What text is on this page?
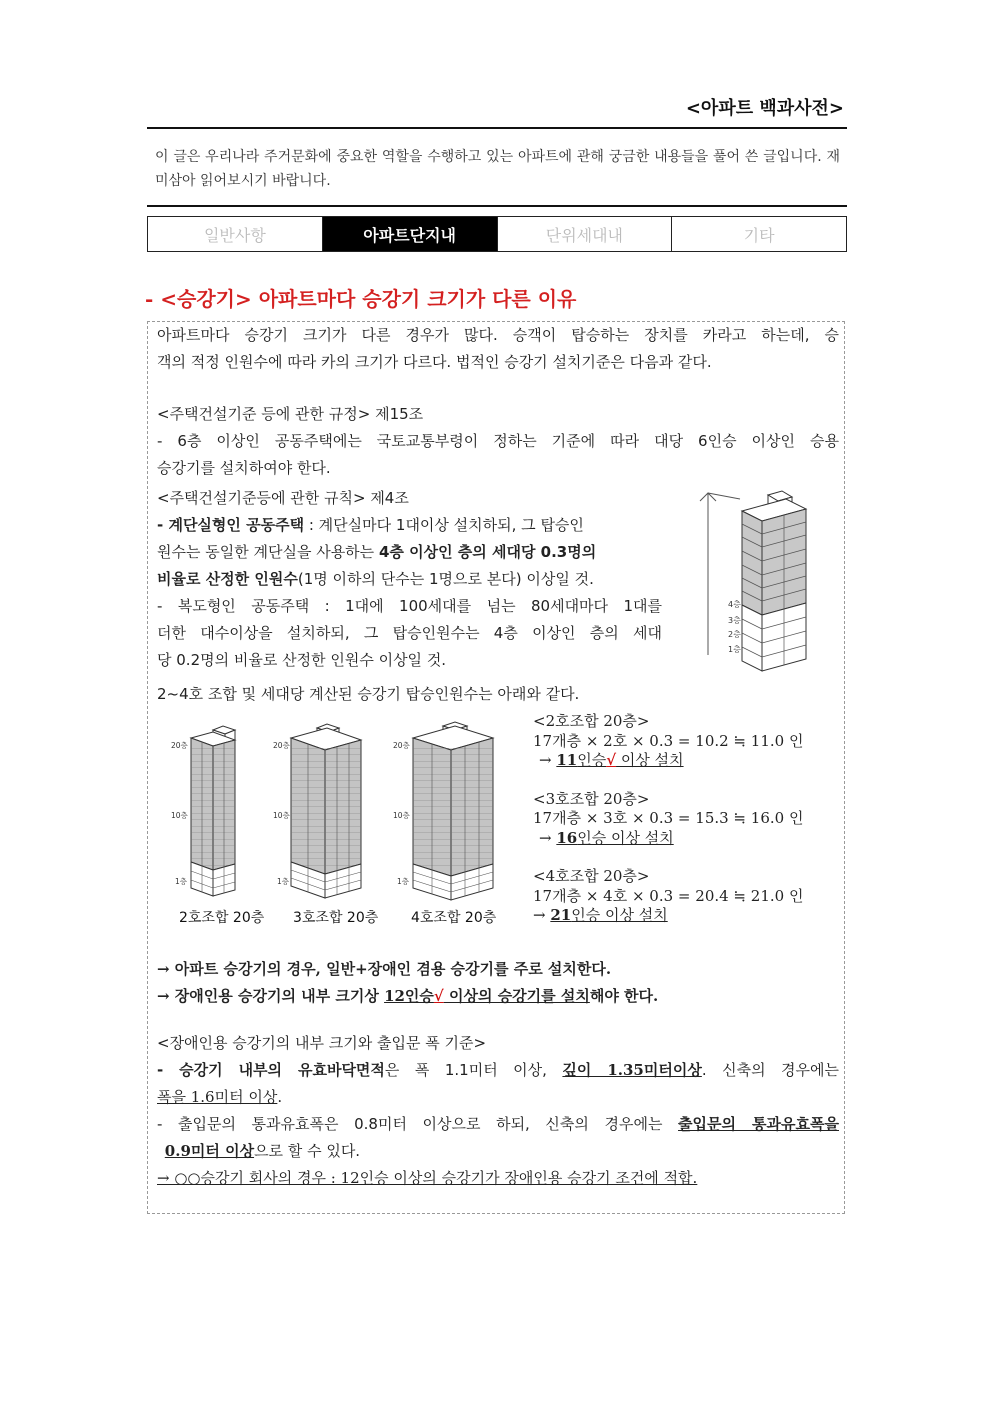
<아파트 백과사전>
이 글은 우리나라 주거문화에 중요한 역할을 수행하고 있는 아파트에 관해 궁금한 내용들을 풀어 쓴 글입니다. 재미삼아 읽어보시기 바랍니다.
일반사항	아파트단지내	단위세대내	기타
- <승강기> 아파트마다 승강기 크기가 다른 이유
아파트마다 승강기 크기가 다른 경우가 많다. 승객이 탑승하는 장치를 카라고 하는데, 승
객의 적정 인원수에 따라 카의 크기가 다르다. 법적인 승강기 설치기준은 다음과 같다.
<주택건설기준 등에 관한 규정> 제15조
- 6층 이상인 공동주택에는 국토교통부령이 정하는 기준에 따라 대당 6인승 이상인 승용
승강기를 설치하여야 한다.
<주택건설기준등에 관한 규칙> 제4조
- 계단실형인 공동주택 : 계단실마다 1대이상 설치하되, 그 탑승인
원수는 동일한 계단실을 사용하는 4층 이상인 층의 세대당 0.3명의
비율로 산정한 인원수(1명 이하의 단수는 1명으로 본다) 이상일 것.
- 복도형인 공동주택 : 1대에 100세대를 넘는 80세대마다 1대를
더한 대수이상을 설치하되, 그 탑승인원수는 4층 이상인 층의 세대
당 0.2명의 비율로 산정한 인원수 이상일 것.
4층
3층
2층
1층
2~4호 조합 및 세대당 계산된 승강기 탑승인원수는 아래와 같다.
20층
10층
1층
20층
10층
1층
20층
10층
1층
2호조합 20층 3호조합 20층 4호조합 20층
<2호조합 20층>
17개층 × 2호 × 0.3 = 10.2 ≒ 11.0 인
→ 11인승√ 이상 설치
<3호조합 20층>
17개층 × 3호 × 0.3 = 15.3 ≒ 16.0 인
→ 16인승 이상 설치
<4호조합 20층>
17개층 × 4호 × 0.3 = 20.4 ≒ 21.0 인
→ 21인승 이상 설치
→ 아파트 승강기의 경우, 일반+장애인 겸용 승강기를 주로 설치한다.
→ 장애인용 승강기의 내부 크기상 12인승√ 이상의 승강기를 설치해야 한다.
<장애인용 승강기의 내부 크기와 출입문 폭 기준>
- 승강기 내부의 유효바닥면적은 폭 1.1미터 이상, 깊이 1.35미터이상. 신축의 경우에는
폭을 1.6미터 이상.
- 출입문의 통과유효폭은 0.8미터 이상으로 하되, 신축의 경우에는 출입문의 통과유효폭을
0.9미터 이상으로 할 수 있다.
→ ○○승강기 회사의 경우 : 12인승 이상의 승강기가 장애인용 승강기 조건에 적합.
